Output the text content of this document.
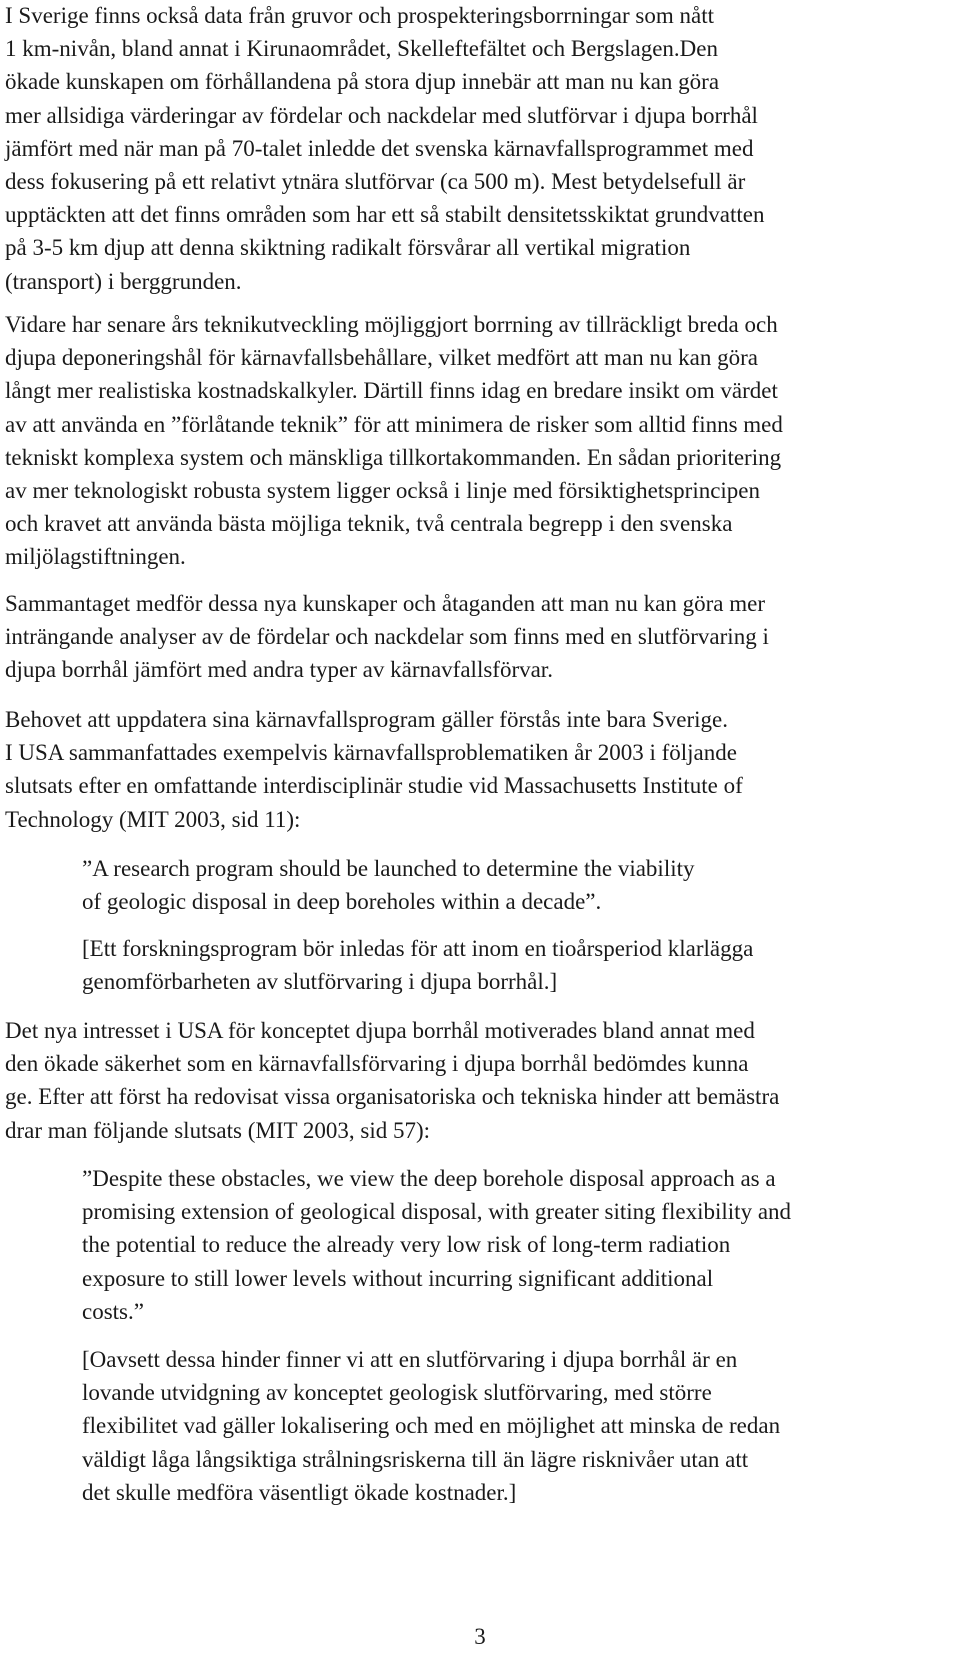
I Sverige finns också data från gruvor och prospekteringsborrningar som nått
1 km-nivån, bland annat i Kirunaområdet, Skelleftefältet och Bergslagen.Den
ökade kunskapen om förhållandena på stora djup innebär att man nu kan göra
mer allsidiga värderingar av fördelar och nackdelar med slutförvar i djupa borrhål
jämfört med när man på 70-talet inledde det svenska kärnavfallsprogrammet med
dess fokusering på ett relativt ytnära slutförvar (ca 500 m). Mest betydelsefull är
upptäckten att det finns områden som har ett så stabilt densitetsskiktat grundvatten
på 3-5 km djup att denna skiktning radikalt försvårar all vertikal migration
(transport) i berggrunden.

Vidare har senare års teknikutveckling möjliggjort borrning av tillräckligt breda och
djupa deponeringshål för kärnavfallsbehållare, vilket medfört att man nu kan göra
långt mer realistiska kostnadskalkyler. Därtill finns idag en bredare insikt om värdet
av att använda en ”förlåtande teknik” för att minimera de risker som alltid finns med
tekniskt komplexa system och mänskliga tillkortakommanden. En sådan prioritering
av mer teknologiskt robusta system ligger också i linje med försiktighetsprincipen
och kravet att använda bästa möjliga teknik, två centrala begrepp i den svenska
miljölagstiftningen.

Sammantaget medför dessa nya kunskaper och åtaganden att man nu kan göra mer
inträngande analyser av de fördelar och nackdelar som finns med en slutförvaring i
djupa borrhål jämfört med andra typer av kärnavfallsförvar.

Behovet att uppdatera sina kärnavfallsprogram gäller förstås inte bara Sverige.
I USA sammanfattades exempelvis kärnavfallsproblematiken år 2003 i följande
slutsats efter en omfattande interdisciplinär studie vid Massachusetts Institute of
Technology (MIT 2003, sid 11):

”A research program should be launched to determine the viability
of geologic disposal in deep boreholes within a decade”.

[Ett forskningsprogram bör inledas för att inom en tioårsperiod klarlägga
genomförbarheten av slutförvaring i djupa borrhål.]

Det nya intresset i USA för konceptet djupa borrhål motiverades bland annat med
den ökade säkerhet som en kärnavfallsförvaring i djupa borrhål bedömdes kunna
ge. Efter att först ha redovisat vissa organisatoriska och tekniska hinder att bemästra
drar man följande slutsats (MIT 2003, sid 57):

”Despite these obstacles, we view the deep borehole disposal approach as a
promising extension of geological disposal, with greater siting flexibility and
the potential to reduce the already very low risk of long-term radiation
exposure to still lower levels without incurring significant additional
costs.”

[Oavsett dessa hinder finner vi att en slutförvaring i djupa borrhål är en
lovande utvidgning av konceptet geologisk slutförvaring, med större
flexibilitet vad gäller lokalisering och med en möjlighet att minska de redan
väldigt låga långsiktiga strålningsriskerna till än lägre risknivåer utan att
det skulle medföra väsentligt ökade kostnader.]

3
